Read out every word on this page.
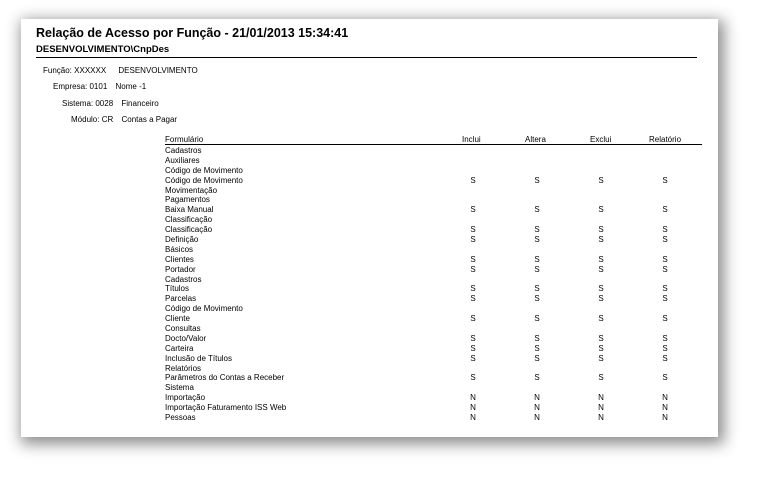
Relação de Acesso por Função - 21/01/2013 15:34:41
DESENVOLVIMENTO\CnpDes
Função: XXXXXX DESENVOLVIMENTO
Empresa: 0101 Nome -1
Sistema: 0028 Financeiro
Módulo: CR Contas a Pagar
Formulário	Inclui	Altera	Exclui	Relatório
Cadastros
Auxiliares
Código de Movimento
Código de Movimento	S	S	S	S
Movimentação
Pagamentos
Baixa Manual	S	S	S	S
Classificação
Classificação	S	S	S	S
Definição	S	S	S	S
Básicos
Clientes	S	S	S	S
Portador	S	S	S	S
Cadastros
Títulos	S	S	S	S
Parcelas	S	S	S	S
Código de Movimento
Cliente	S	S	S	S
Consultas
Docto/Valor	S	S	S	S
Carteira	S	S	S	S
Inclusão de Títulos	S	S	S	S
Relatórios
Parâmetros do Contas a Receber	S	S	S	S
Sistema
Importação	N	N	N	N
Importação Faturamento ISS Web	N	N	N	N
Pessoas	N	N	N	N
